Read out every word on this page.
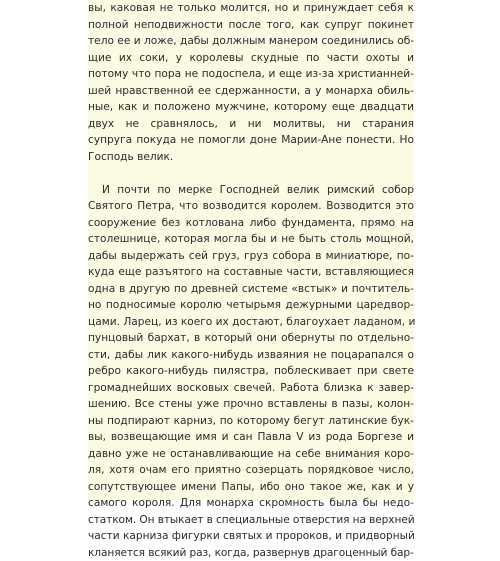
вы, каковая не только молится, но и принуждает себя к
полной неподвижности после того, как супруг покинет
тело ее и ложе, дабы должным манером соединились об-
щие их соки, у королевы скудные по части охоты и
потому что пора не подоспела, и еще из-за христианней-
шей нравственной ее сдержанности, а у монарха обиль-
ные, как и положено мужчине, которому еще двадцати
двух не сравнялось, и ни молитвы, ни старания
супруга покуда не помогли доне Марии-Ане понести. Но
Господь велик.
И почти по мерке Господней велик римский собор
Святого Петра, что возводится королем. Возводится это
сооружение без котлована либо фундамента, прямо на
столешнице, которая могла бы и не быть столь мощной,
дабы выдержать сей груз, груз собора в миниатюре, по-
куда еще разъятого на составные части, вставляющиеся
одна в другую по древней системе «встык» и почтитель-
но подносимые королю четырьмя дежурными царедвор-
цами. Ларец, из коего их достают, благоухает ладаном, и
пунцовый бархат, в который они обернуты по отдельно-
сти, дабы лик какого-нибудь изваяния не поцарапался о
ребро какого-нибудь пилястра, поблескивает при свете
громаднейших восковых свечей. Работа близка к завер-
шению. Все стены уже прочно вставлены в пазы, колон-
ны подпирают карниз, по которому бегут латинские бук-
вы, возвещающие имя и сан Павла V из рода Боргезе и
давно уже не останавливающие на себе внимания коро-
ля, хотя очам его приятно созерцать порядковое число,
сопутствующее имени Папы, ибо оно такое же, как и у
самого короля. Для монарха скромность была бы недо-
статком. Он втыкает в специальные отверстия на верхней
части карниза фигурки святых и пророков, и придворный
кланяется всякий раз, когда, развернув драгоценный бар-
